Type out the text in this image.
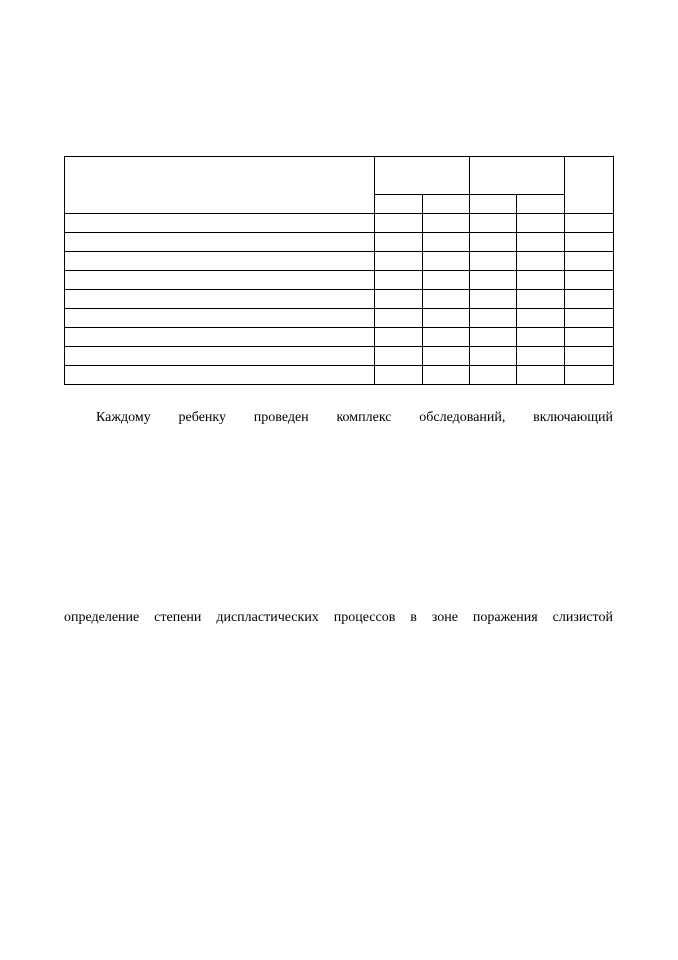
Каждому ребенку проведен комплекс обследований, включающий
определение степени диспластических процессов в зоне поражения слизистой
